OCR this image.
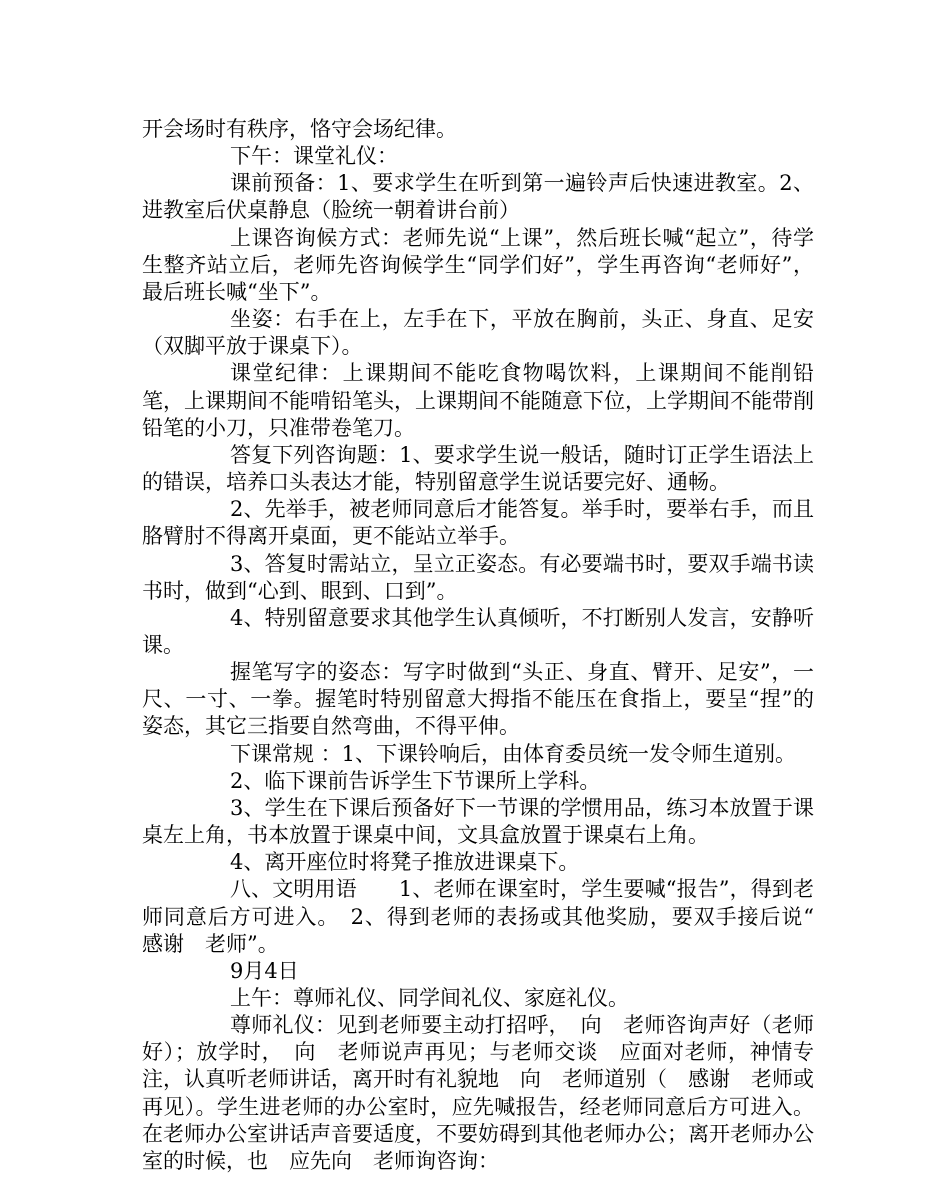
开会场时有秩序，恪守会场纪律。

下午：课堂礼仪：

课前预备：1、要求学生在听到第一遍铃声后快速进教室。2、进教室后伏桌静息（脸统一朝着讲台前）

上课咨询候方式：老师先说“上课”，然后班长喊“起立”，待学生整齐站立后，老师先咨询候学生“同学们好”，学生再咨询“老师好”，最后班长喊“坐下”。

坐姿：右手在上，左手在下，平放在胸前，头正、身直、足安（双脚平放于课桌下）。

课堂纪律：上课期间不能吃食物喝饮料，上课期间不能削铅笔，上课期间不能啃铅笔头，上课期间不能随意下位，上学期间不能带削铅笔的小刀，只准带卷笔刀。

答复下列咨询题：1、要求学生说一般话，随时订正学生语法上的错误，培养口头表达才能，特别留意学生说话要完好、通畅。

2、先举手，被老师同意后才能答复。举手时，要举右手，而且胳臂肘不得离开桌面，更不能站立举手。

3、答复时需站立，呈立正姿态。有必要端书时，要双手端书读书时，做到“心到、眼到、口到”。

4、特别留意要求其他学生认真倾听，不打断别人发言，安静听课。

握笔写字的姿态：写字时做到“头正、身直、臂开、足安”，一尺、一寸、一拳。握笔时特别留意大拇指不能压在食指上，要呈“捏”的姿态，其它三指要自然弯曲，不得平伸。

下课常规 ：1、下课铃响后，由体育委员统一发令师生道别。

2、临下课前告诉学生下节课所上学科。

3、学生在下课后预备好下一节课的学惯用品，练习本放置于课桌左上角，书本放置于课桌中间，文具盒放置于课桌右上角。

4、离开座位时将凳子推放进课桌下。

八、文明用语　　1、老师在课室时，学生要喊“报告”，得到老师同意后方可进入。　2、得到老师的表扬或其他奖励，要双手接后说“　感谢　老师”。

9月4日

上午：尊师礼仪、同学间礼仪、家庭礼仪。

尊师礼仪：见到老师要主动打招呼，　向　老师咨询声好（老师好）；放学时，　向　老师说声再见；与老师交谈　应面对老师，神情专注，认真听老师讲话，离开时有礼貌地　向　老师道别（　感谢　老师或再见）。学生进老师的办公室时，应先喊报告，经老师同意后方可进入。在老师办公室讲话声音要适度，不要妨碍到其他老师办公；离开老师办公室的时候，也　应先向　老师询咨询：
